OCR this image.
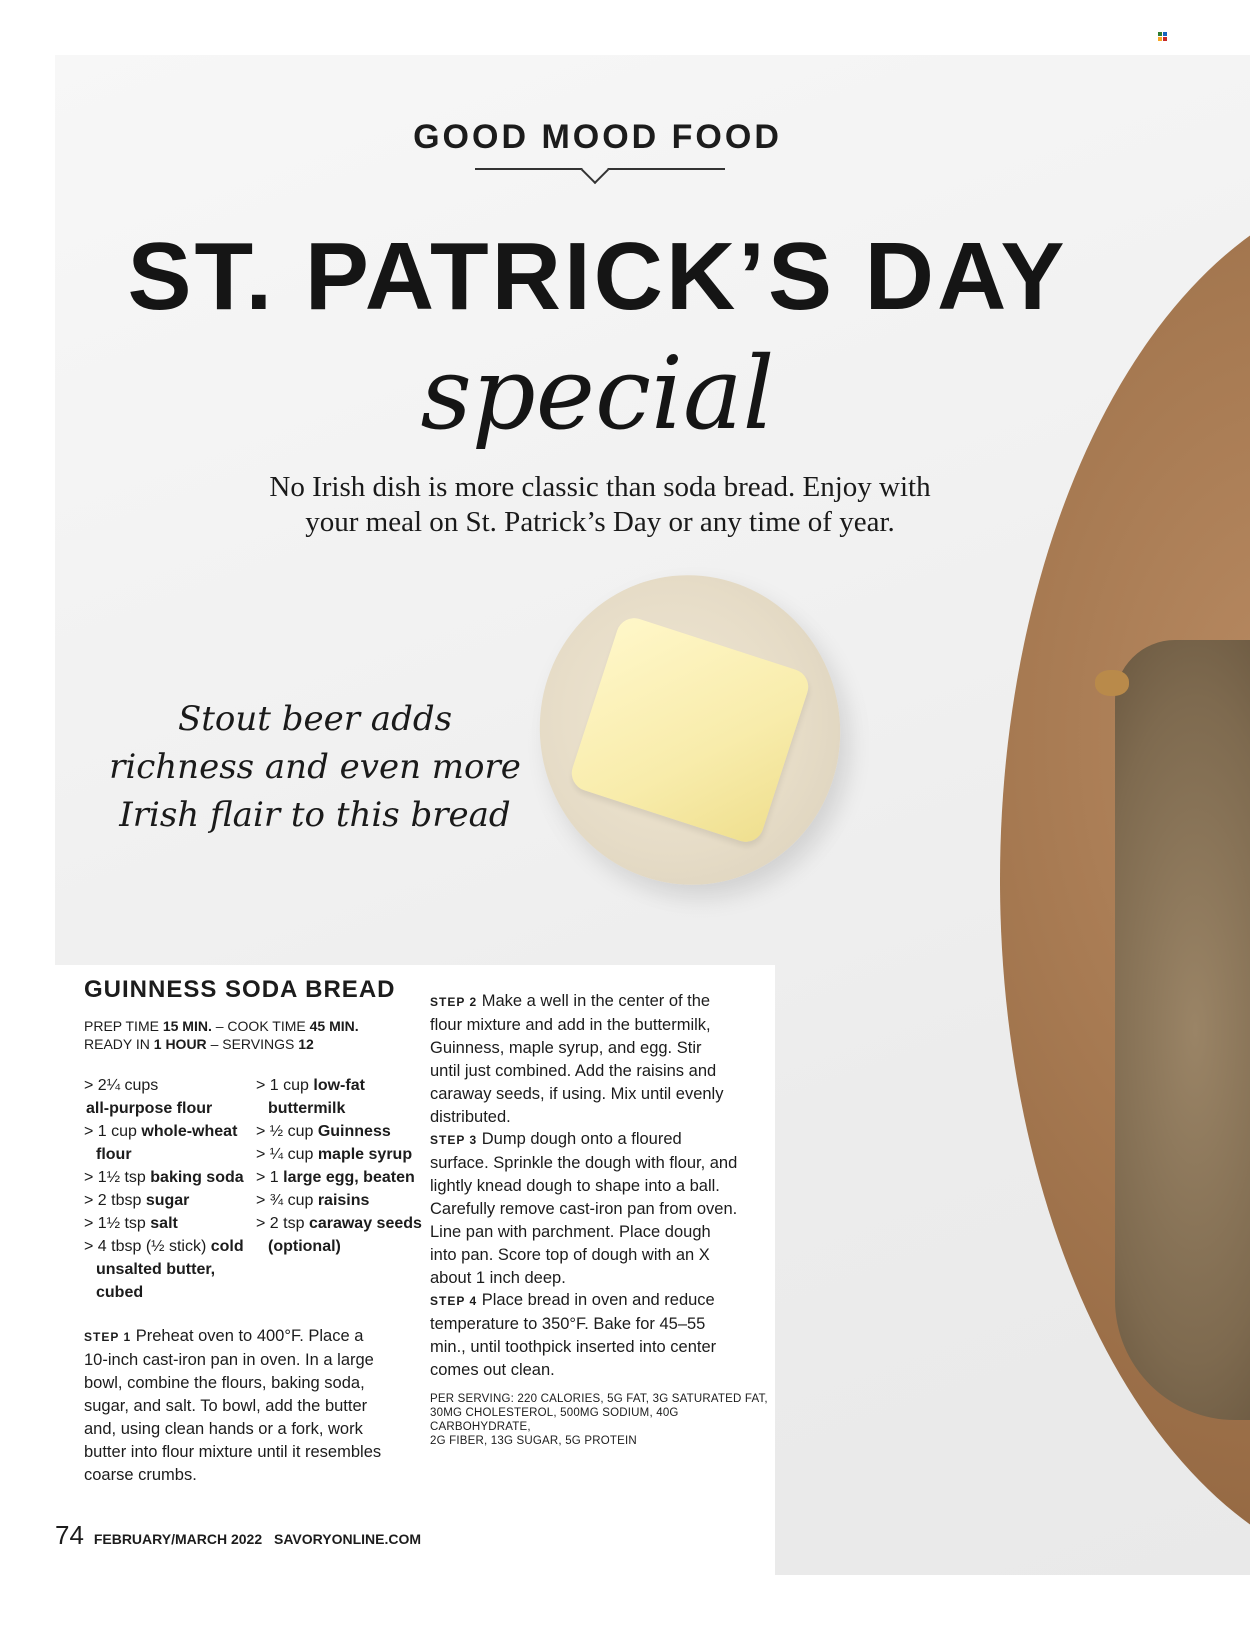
GOOD MOOD FOOD
ST. PATRICK’S DAY
special
No Irish dish is more classic than soda bread. Enjoy with
your meal on St. Patrick’s Day or any time of year.
Stout beer adds
richness and even more
Irish flair to this bread
GUINNESS SODA BREAD
PREP TIME 15 MIN. – COOK TIME 45 MIN.
READY IN 1 HOUR – SERVINGS 12
> 2¼ cups
all-purpose flour
> 1 cup whole-wheat
flour
> 1½ tsp baking soda
> 2 tbsp sugar
> 1½ tsp salt
> 4 tbsp (½ stick) cold
unsalted butter,
cubed
> 1 cup low-fat
buttermilk
> ½ cup Guinness
> ¼ cup maple syrup
> 1 large egg, beaten
> ¾ cup raisins
> 2 tsp caraway seeds
(optional)
STEP 1 Preheat oven to 400°F. Place a
10-inch cast-iron pan in oven. In a large
bowl, combine the flours, baking soda,
sugar, and salt. To bowl, add the butter
and, using clean hands or a fork, work
butter into flour mixture until it resembles
coarse crumbs.
STEP 2 Make a well in the center of the
flour mixture and add in the buttermilk,
Guinness, maple syrup, and egg. Stir
until just combined. Add the raisins and
caraway seeds, if using. Mix until evenly
distributed.
STEP 3 Dump dough onto a floured
surface. Sprinkle the dough with flour, and
lightly knead dough to shape into a ball.
Carefully remove cast-iron pan from oven.
Line pan with parchment. Place dough
into pan. Score top of dough with an X
about 1 inch deep.
STEP 4 Place bread in oven and reduce
temperature to 350°F. Bake for 45–55
min., until toothpick inserted into center
comes out clean.
PER SERVING: 220 CALORIES, 5G FAT, 3G SATURATED FAT,
30MG CHOLESTEROL, 500MG SODIUM, 40G CARBOHYDRATE,
2G FIBER, 13G SUGAR, 5G PROTEIN
74 FEBRUARY/MARCH 2022 SAVORYONLINE.COM
